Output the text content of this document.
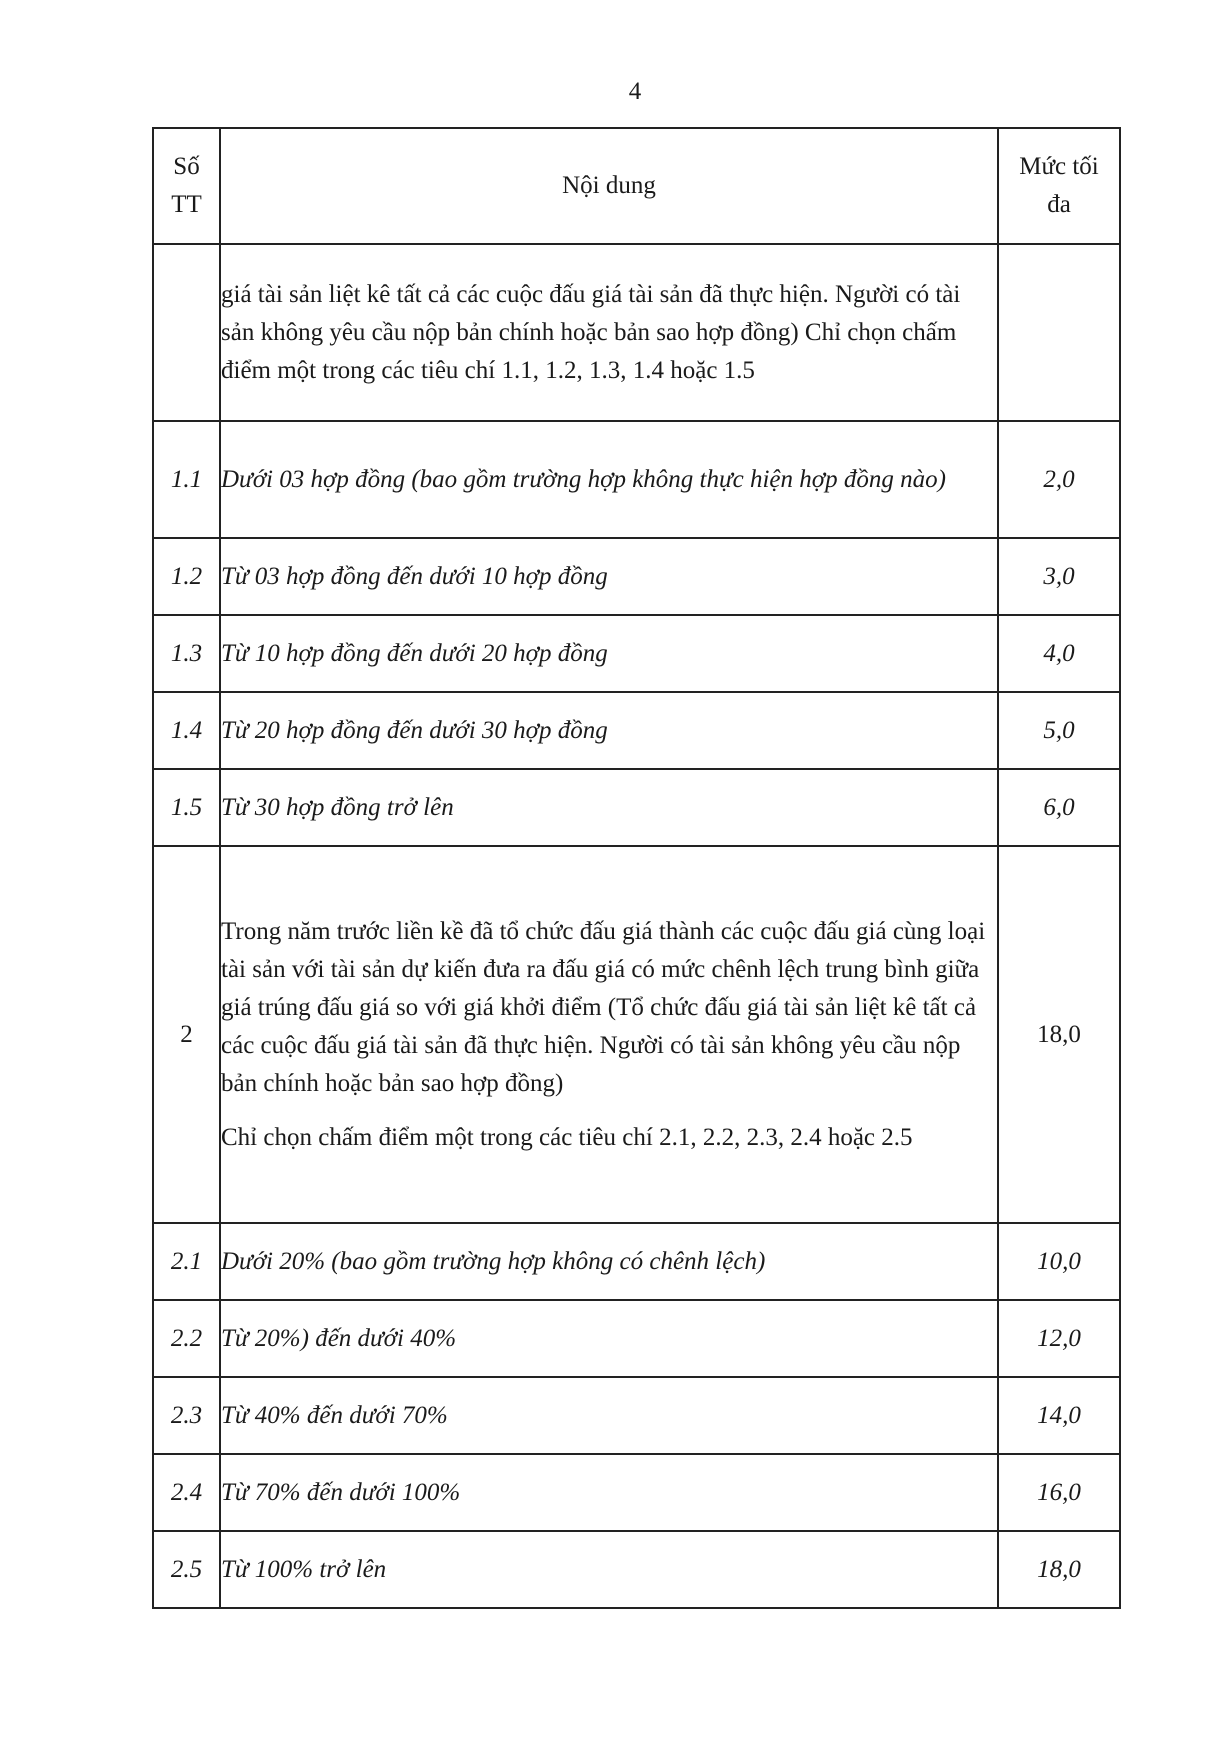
4
Số TT	Nội dung	Mức tối đa

	giá tài sản liệt kê tất cả các cuộc đấu giá tài sản đã thực hiện. Người có tài sản không yêu cầu nộp bản chính hoặc bản sao hợp đồng) Chỉ chọn chấm điểm một trong các tiêu chí 1.1, 1.2, 1.3, 1.4 hoặc 1.5	

1.1	Dưới 03 hợp đồng (bao gồm trường hợp không thực hiện hợp đồng nào)	2,0
1.2	Từ 03 hợp đồng đến dưới 10 hợp đồng	3,0
1.3	Từ 10 hợp đồng đến dưới 20 hợp đồng	4,0
1.4	Từ 20 hợp đồng đến dưới 30 hợp đồng	5,0
1.5	Từ 30 hợp đồng trở lên	6,0
2	Trong năm trước liền kề đã tổ chức đấu giá thành các cuộc đấu giá cùng loại tài sản với tài sản dự kiến đưa ra đấu giá có mức chênh lệch trung bình giữa giá trúng đấu giá so với giá khởi điểm (Tổ chức đấu giá tài sản liệt kê tất cả các cuộc đấu giá tài sản đã thực hiện. Người có tài sản không yêu cầu nộp bản chính hoặc bản sao hợp đồng)
Chỉ chọn chấm điểm một trong các tiêu chí 2.1, 2.2, 2.3, 2.4 hoặc 2.5	18,0
2.1	Dưới 20% (bao gồm trường hợp không có chênh lệch)	10,0
2.2	Từ 20%) đến dưới 40%	12,0
2.3	Từ 40% đến dưới 70%	14,0
2.4	Từ 70% đến dưới 100%	16,0
2.5	Từ 100% trở lên	18,0
